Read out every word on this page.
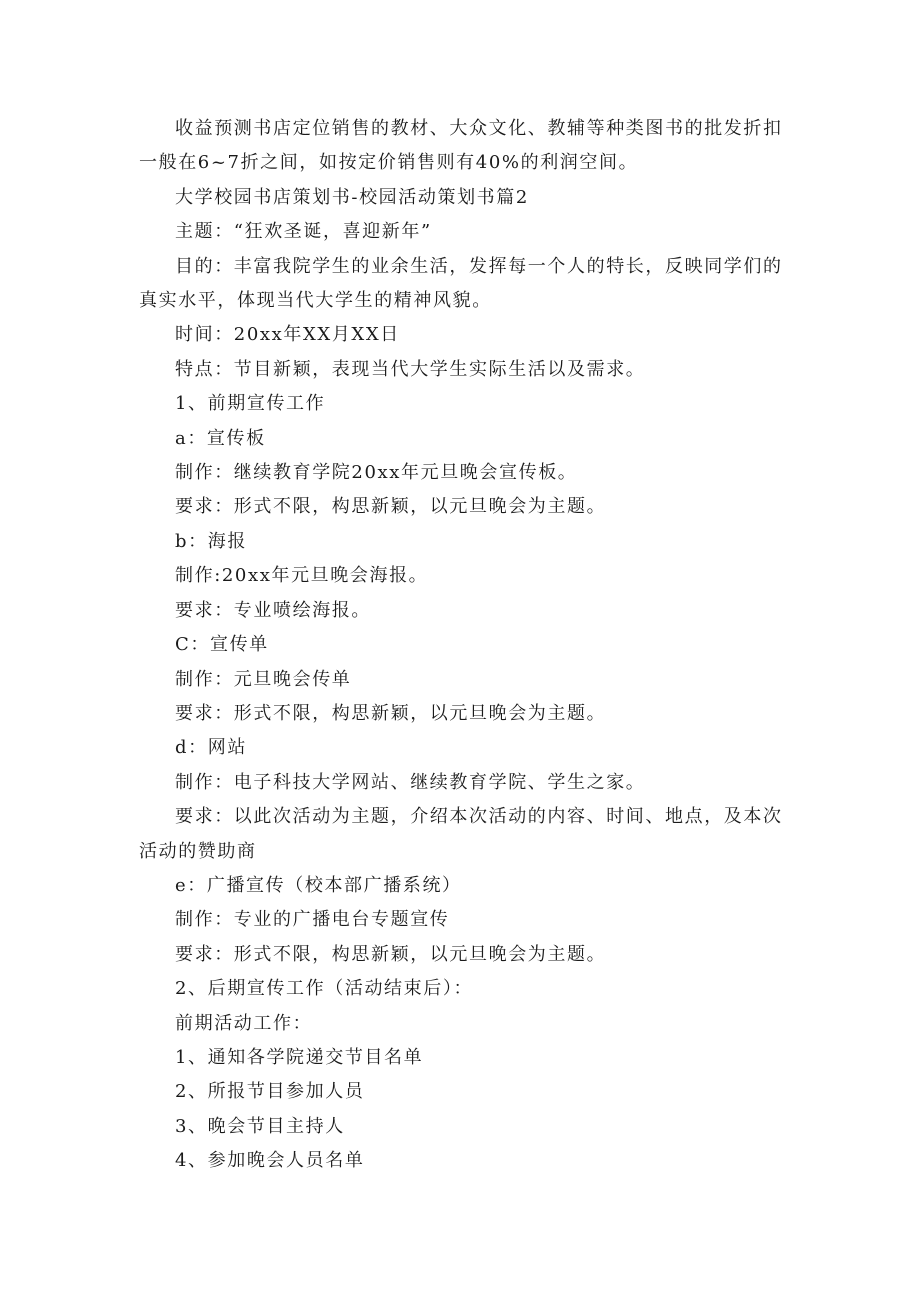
收益预测书店定位销售的教材、大众文化、教辅等种类图书的批发折扣一般在6~7折之间，如按定价销售则有40%的利润空间。

大学校园书店策划书-校园活动策划书篇2

主题：“狂欢圣诞，喜迎新年”

目的：丰富我院学生的业余生活，发挥每一个人的特长，反映同学们的真实水平，体现当代大学生的精神风貌。

时间：20xx年XX月XX日

特点：节目新颖，表现当代大学生实际生活以及需求。

1、前期宣传工作

a：宣传板

制作：继续教育学院20xx年元旦晚会宣传板。

要求：形式不限，构思新颖，以元旦晚会为主题。

b：海报

制作:20xx年元旦晚会海报。

要求：专业喷绘海报。

C：宣传单

制作：元旦晚会传单

要求：形式不限，构思新颖，以元旦晚会为主题。

d：网站

制作：电子科技大学网站、继续教育学院、学生之家。

要求：以此次活动为主题，介绍本次活动的内容、时间、地点，及本次活动的赞助商

e：广播宣传（校本部广播系统）

制作：专业的广播电台专题宣传

要求：形式不限，构思新颖，以元旦晚会为主题。

2、后期宣传工作（活动结束后）：

前期活动工作：

1、通知各学院递交节目名单

2、所报节目参加人员

3、晚会节目主持人

4、参加晚会人员名单
